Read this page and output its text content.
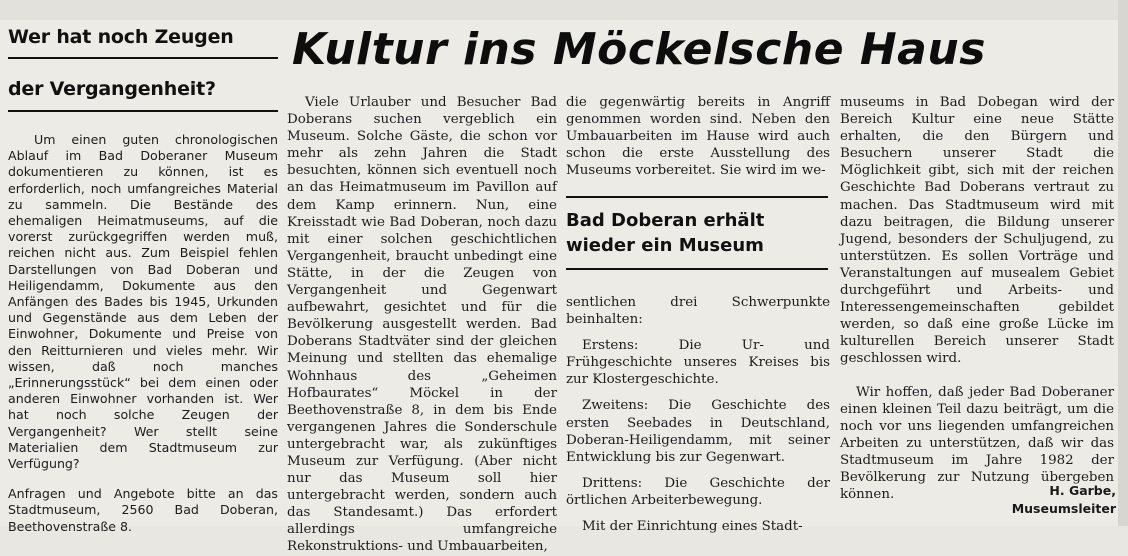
Wer hat noch Zeugen
der Vergangenheit?

Um einen guten chronologischen Ablauf im Bad Doberaner Museum dokumentieren zu können, ist es erforderlich, noch umfangreiches Material zu sammeln. Die Bestände des ehemaligen Heimatmuseums, auf die vorerst zurückgegriffen werden muß, reichen nicht aus. Zum Beispiel fehlen Darstellungen von Bad Doberan und Heiligendamm, Dokumente aus den Anfängen des Bades bis 1945, Urkunden und Gegenstände aus dem Leben der Einwohner, Dokumente und Preise von den Reitturnieren und vieles mehr. Wir wissen, daß noch manches „Erinnerungsstück“ bei dem einen oder anderen Einwohner vorhanden ist. Wer hat noch solche Zeugen der Vergangenheit? Wer stellt seine Materialien dem Stadtmuseum zur Verfügung?

Anfragen und Angebote bitte an das Stadtmuseum, 2560 Bad Doberan, Beethovenstraße 8.

Kultur ins Möckelsche Haus
Viele Urlauber und Besucher Bad Doberans suchen vergeblich ein Museum. Solche Gäste, die schon vor mehr als zehn Jahren die Stadt besuchten, können sich eventuell noch an das Heimatmuseum im Pavillon auf dem Kamp erinnern. Nun, eine Kreisstadt wie Bad Doberan, noch dazu mit einer solchen geschichtlichen Vergangenheit, braucht unbedingt eine Stätte, in der die Zeugen von Vergangenheit und Gegenwart aufbewahrt, gesichtet und für die Bevölkerung ausgestellt werden. Bad Doberans Stadtväter sind der gleichen Meinung und stellten das ehemalige Wohnhaus des „Geheimen Hofbaurates“ Möckel in der Beethovenstraße 8, in dem bis Ende vergangenen Jahres die Sonderschule untergebracht war, als zukünftiges Museum zur Verfügung. (Aber nicht nur das Museum soll hier untergebracht werden, sondern auch das Standesamt.) Das erfordert allerdings umfangreiche Rekonstruktions- und Umbauarbeiten,
die gegenwärtig bereits in Angriff genommen worden sind. Neben den Umbauarbeiten im Hause wird auch schon die erste Ausstellung des Museums vorbereitet. Sie wird im we-
Bad Doberan erhält
wieder ein Museum

sentlichen drei Schwerpunkte beinhalten:

Erstens: Die Ur- und Frühgeschichte unseres Kreises bis zur Klostergeschichte.

Zweitens: Die Geschichte des ersten Seebades in Deutschland, Doberan-Heiligendamm, mit seiner Entwicklung bis zur Gegenwart.

Drittens: Die Geschichte der örtlichen Arbeiterbewegung.

Mit der Einrichtung eines Stadt-

museums in Bad Dobegan wird der Bereich Kultur eine neue Stätte erhalten, die den Bürgern und Besuchern unserer Stadt die Möglichkeit gibt, sich mit der reichen Geschichte Bad Doberans vertraut zu machen. Das Stadtmuseum wird mit dazu beitragen, die Bildung unserer Jugend, besonders der Schuljugend, zu unterstützen. Es sollen Vorträge und Veranstaltungen auf musealem Gebiet durchgeführt und Arbeits- und Interessengemeinschaften gebildet werden, so daß eine große Lücke im kulturellen Bereich unserer Stadt geschlossen wird.

Wir hoffen, daß jeder Bad Doberaner einen kleinen Teil dazu beiträgt, um die noch vor uns liegenden umfangreichen Arbeiten zu unterstützen, daß wir das Stadtmuseum im Jahre 1982 der Bevölkerung zur Nutzung übergeben können.	H. Garbe,
Museumsleiter
